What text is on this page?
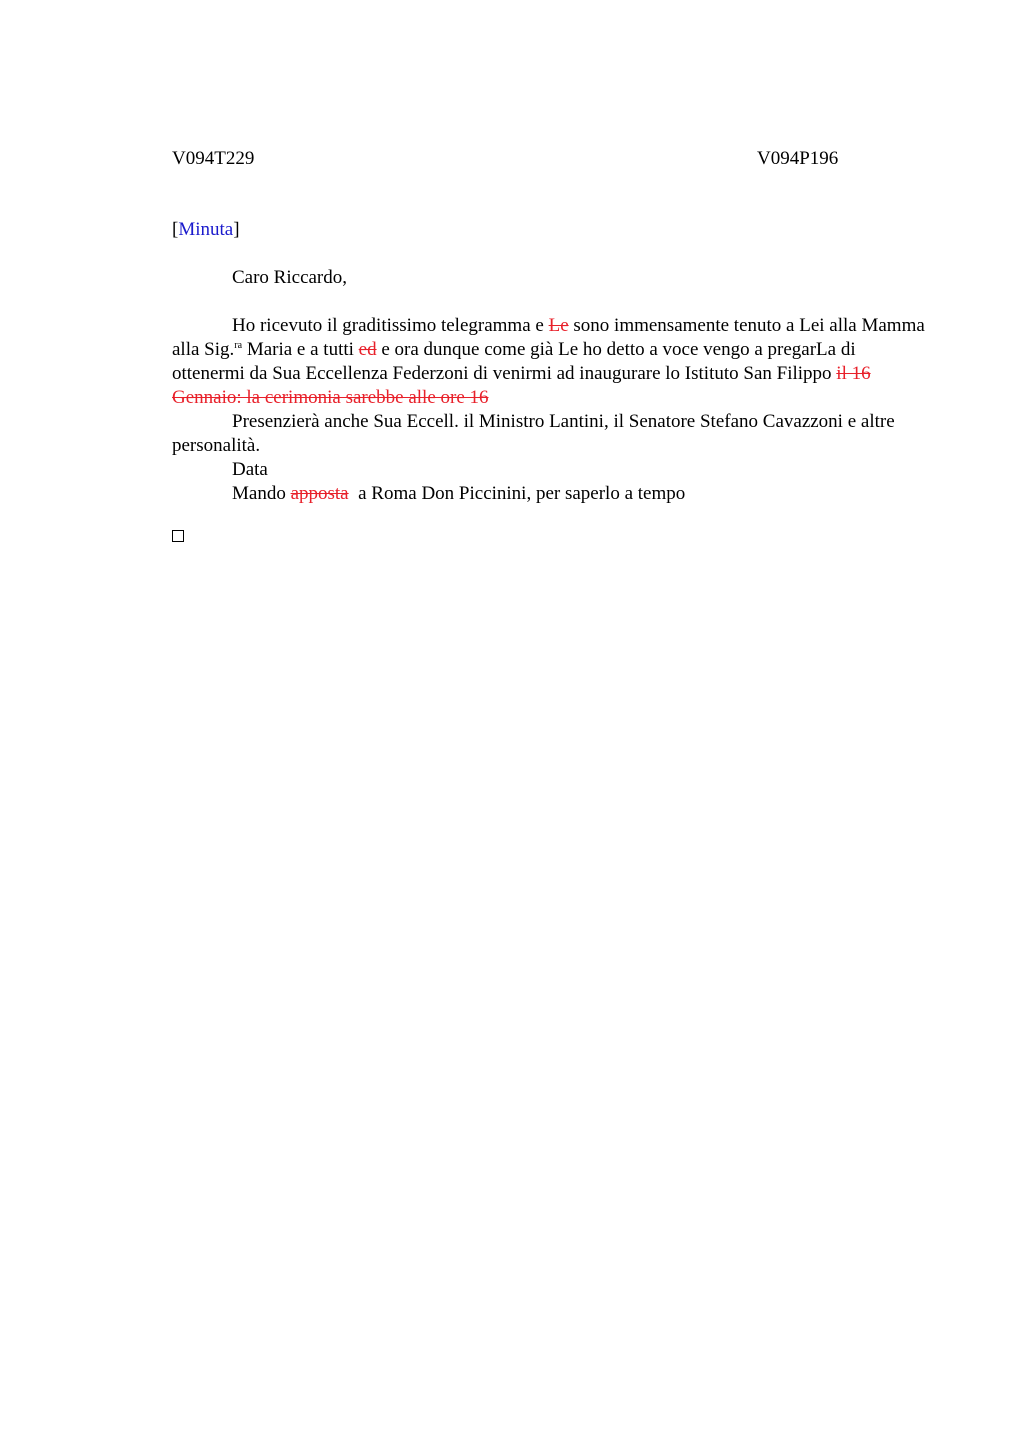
V094T229	V094P196
[Minuta]

Caro Riccardo,

Ho ricevuto il graditissimo telegramma e Le sono immensamente tenuto a Lei alla Mamma alla Sig.$^{ra}$ Maria e a tutti ed e ora dunque come già Le ho detto a voce vengo a pregarLa di ottenermi da Sua Eccellenza Federzoni di venirmi ad inaugurare lo Istituto San Filippo il 16 Gennaio: la cerimonia sarebbe alle ore 16

Presenzierà anche Sua Eccell. il Ministro Lantini, il Senatore Stefano Cavazzoni e altre personalità.

Data

Mando apposta  a Roma Don Piccinini, per saperlo a tempo
